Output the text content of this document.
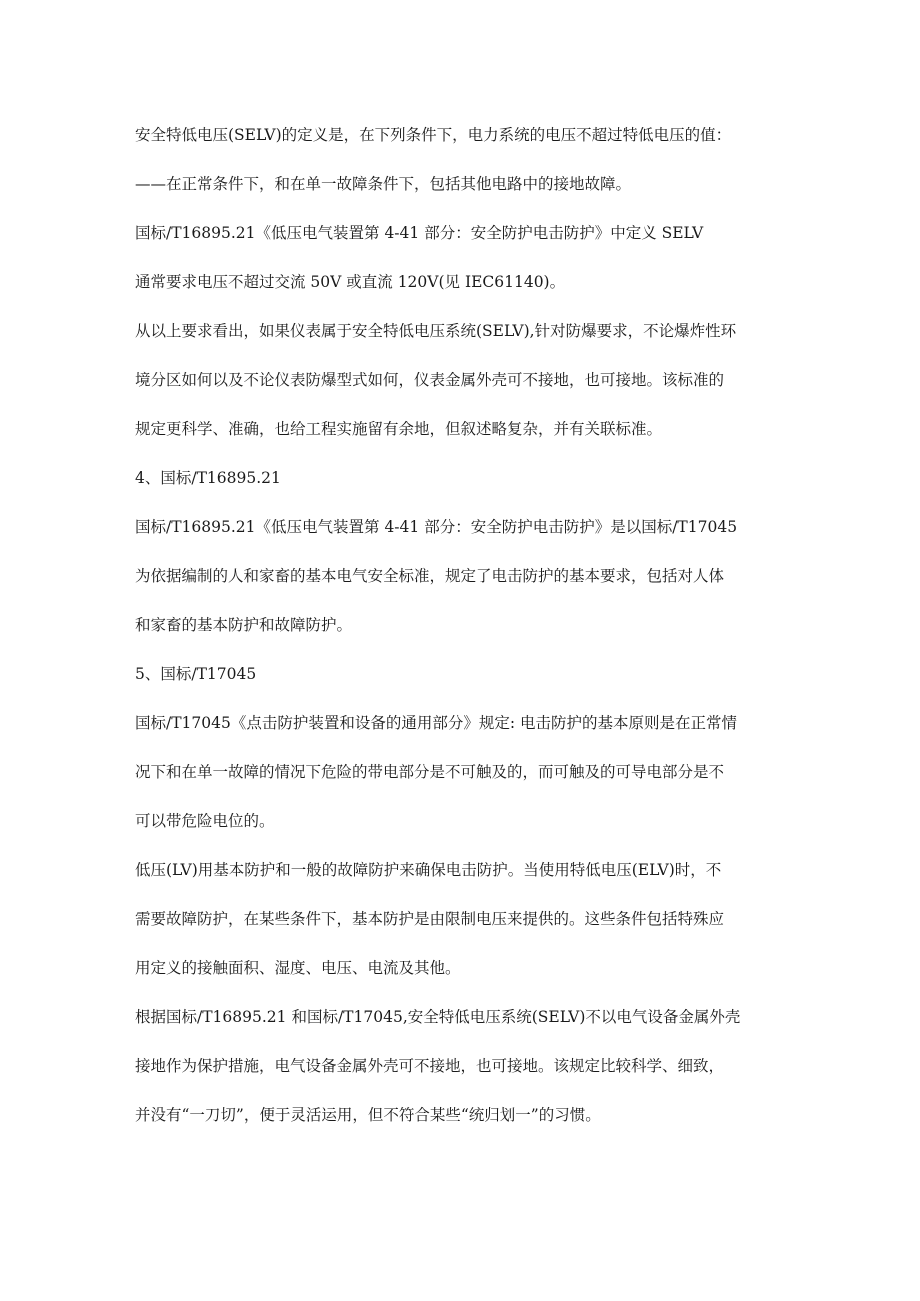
安全特低电压(SELV)的定义是，在下列条件下，电力系统的电压不超过特低电压的值：
——在正常条件下，和在单一故障条件下，包括其他电路中的接地故障。
国标/T16895.21《低压电气装置第 4-41 部分：安全防护电击防护》中定义 SELV
通常要求电压不超过交流 50V 或直流 120V(见 IEC61140)。
从以上要求看出，如果仪表属于安全特低电压系统(SELV),针对防爆要求，不论爆炸性环
境分区如何以及不论仪表防爆型式如何，仪表金属外壳可不接地，也可接地。该标准的
规定更科学、准确，也给工程实施留有余地，但叙述略复杂，并有关联标准。
4、国标/T16895.21
国标/T16895.21《低压电气装置第 4-41 部分：安全防护电击防护》是以国标/T17045
为依据编制的人和家畜的基本电气安全标准，规定了电击防护的基本要求，包括对人体
和家畜的基本防护和故障防护。
5、国标/T17045
国标/T17045《点击防护装置和设备的通用部分》规定: 电击防护的基本原则是在正常情
况下和在单一故障的情况下危险的带电部分是不可触及的，而可触及的可导电部分是不
可以带危险电位的。
低压(LV)用基本防护和一般的故障防护来确保电击防护。当使用特低电压(ELV)时，不
需要故障防护，在某些条件下，基本防护是由限制电压来提供的。这些条件包括特殊应
用定义的接触面积、湿度、电压、电流及其他。
根据国标/T16895.21 和国标/T17045,安全特低电压系统(SELV)不以电气设备金属外壳
接地作为保护措施，电气设备金属外壳可不接地，也可接地。该规定比较科学、细致，
并没有“一刀切”，便于灵活运用，但不符合某些“统归划一”的习惯。
